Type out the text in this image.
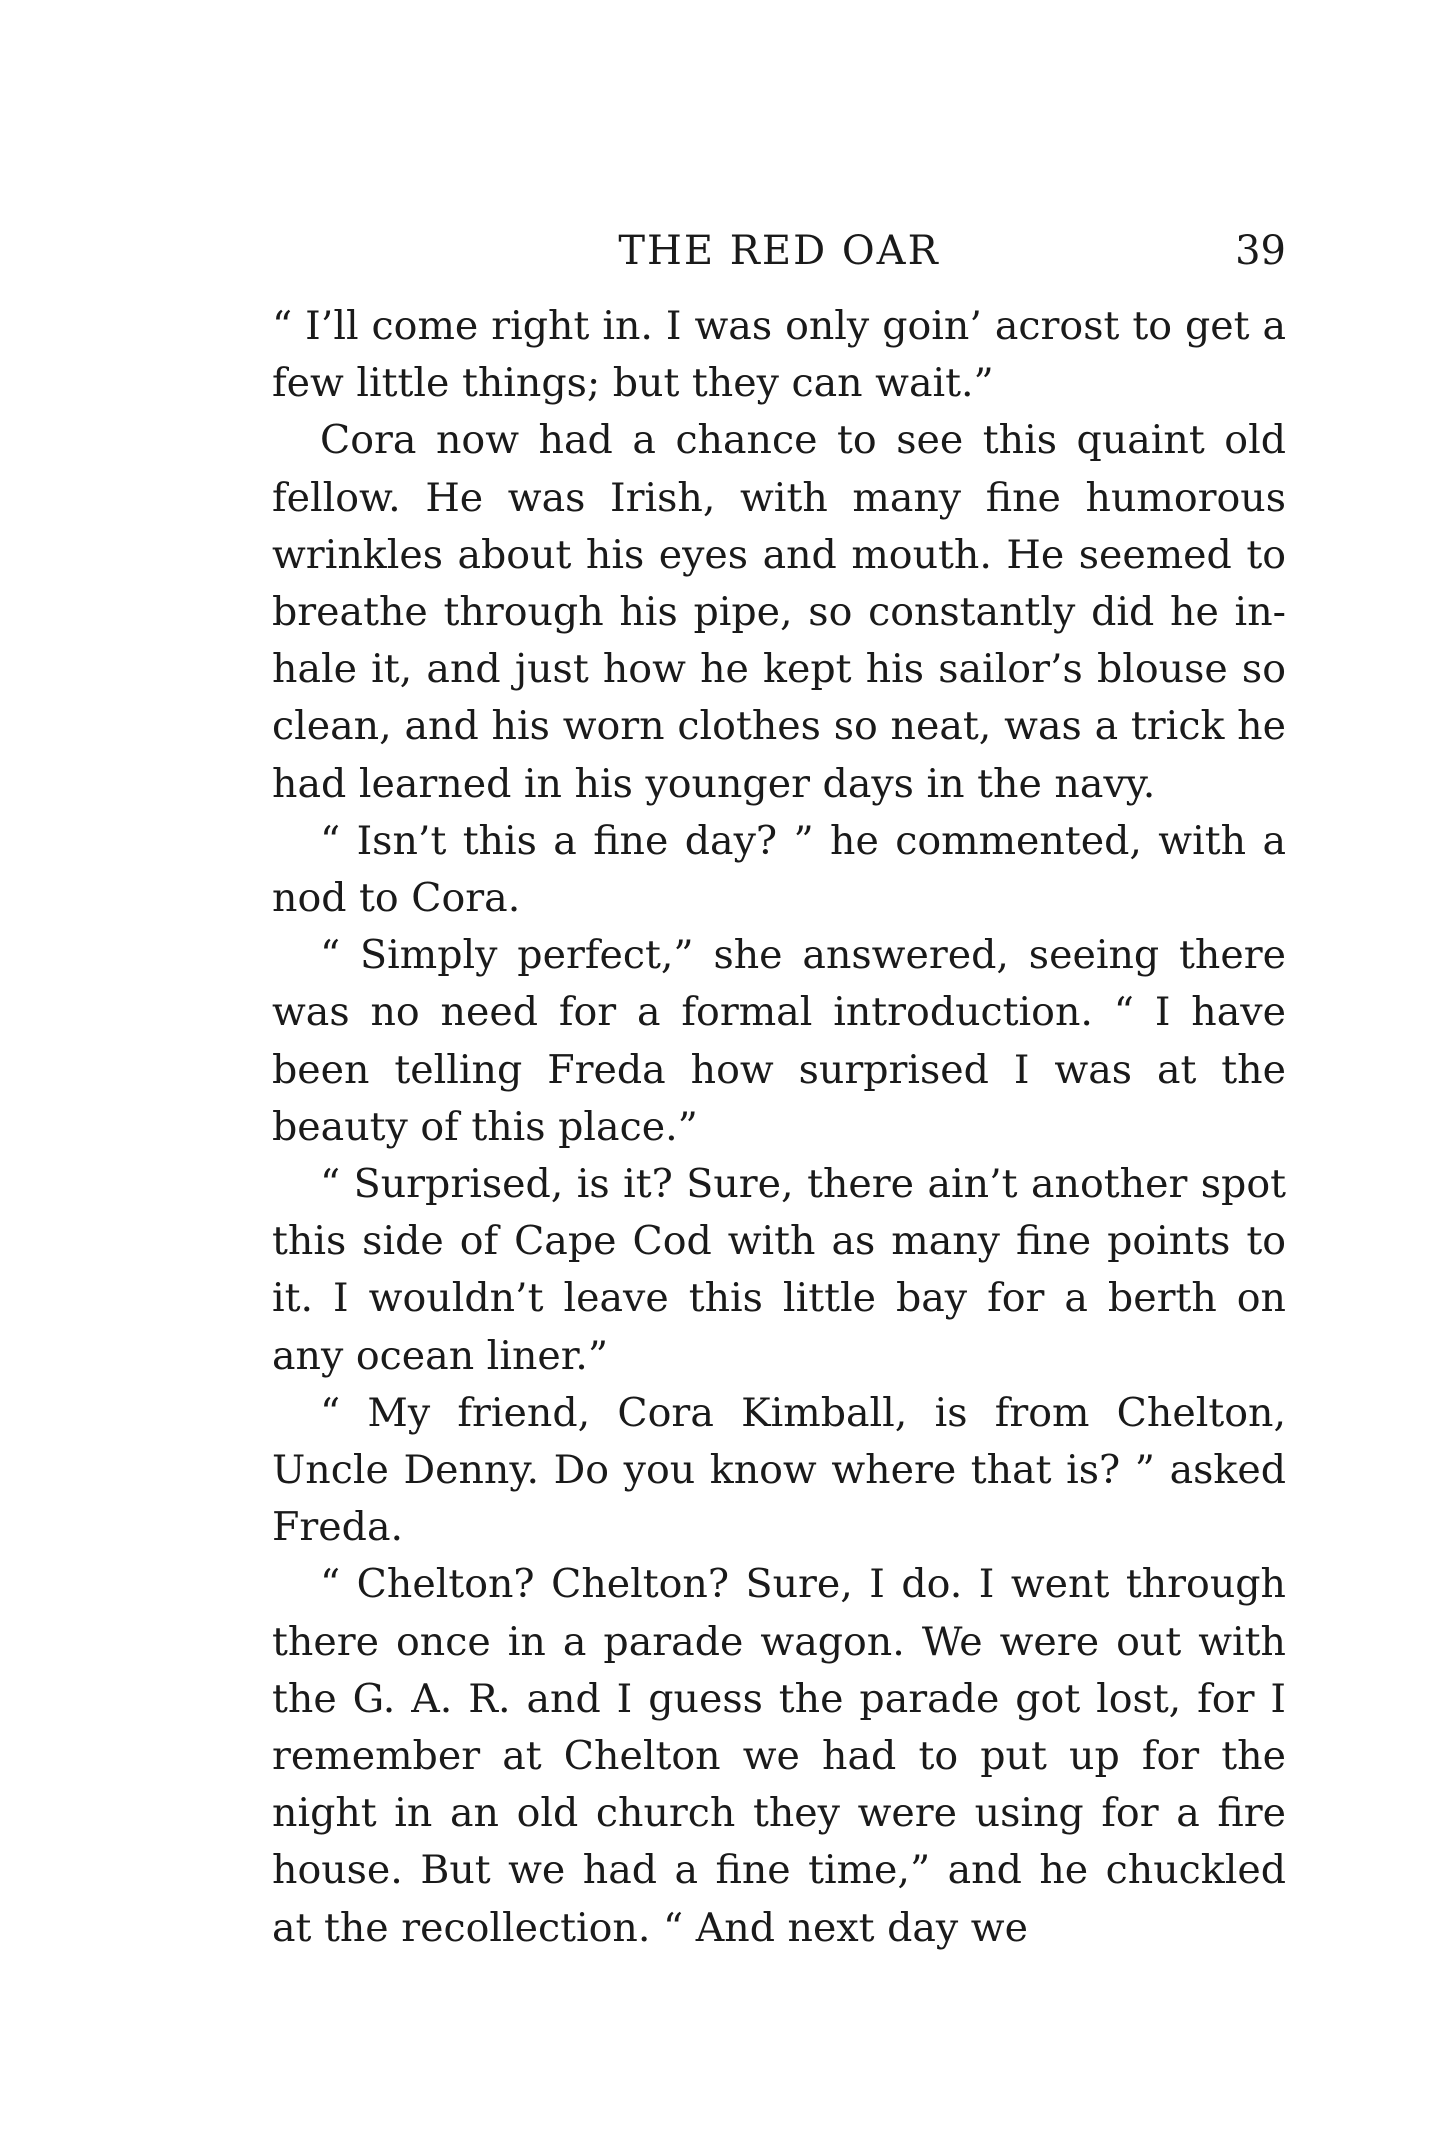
THE RED OAR	39

“ I’ll come right in. I was only goin’ acrost to get a few little things; but they can wait.”

Cora now had a chance to see this quaint old fellow. He was Irish, with many fine humorous wrinkles about his eyes and mouth. He seemed to breathe through his pipe, so constantly did he inhale it, and just how he kept his sailor’s blouse so clean, and his worn clothes so neat, was a trick he had learned in his younger days in the navy.

“ Isn’t this a fine day? ” he commented, with a nod to Cora.

“ Simply perfect,” she answered, seeing there was no need for a formal introduction. “ I have been telling Freda how surprised I was at the beauty of this place.”

“ Surprised, is it? Sure, there ain’t another spot this side of Cape Cod with as many fine points to it. I wouldn’t leave this little bay for a berth on any ocean liner.”

“ My friend, Cora Kimball, is from Chelton, Uncle Denny. Do you know where that is? ” asked Freda.

“ Chelton? Chelton? Sure, I do. I went through there once in a parade wagon. We were out with the G. A. R. and I guess the parade got lost, for I remember at Chelton we had to put up for the night in an old church they were using for a fire house. But we had a fine time,” and he chuckled at the recollection. “ And next day we
